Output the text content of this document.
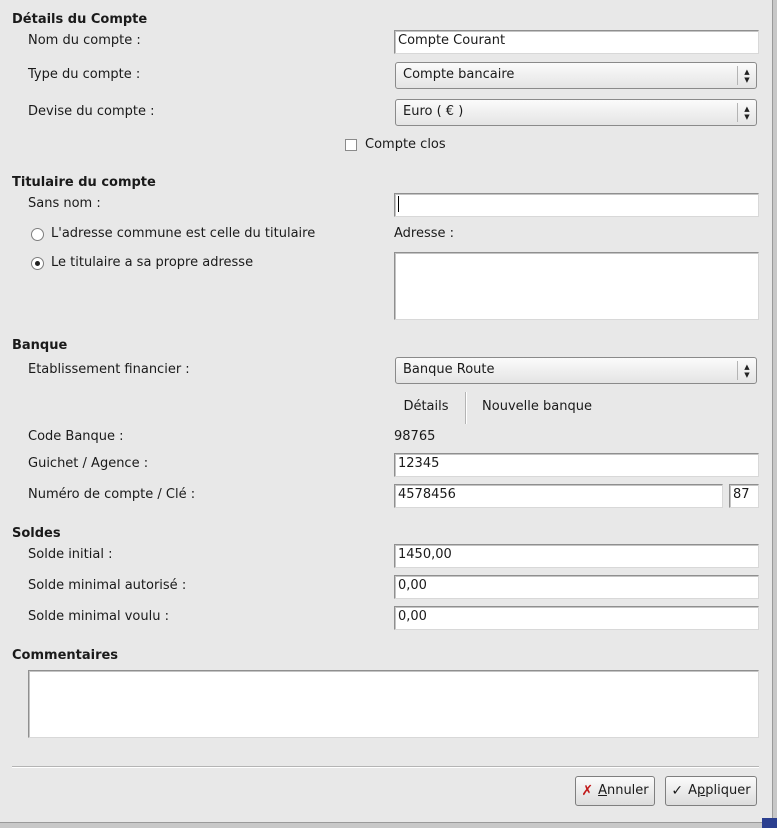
Détails du Compte
Nom du compte :	Compte Courant
Type du compte :	Compte bancaire	▲
▼
Devise du compte :	Euro ( € )	▲
▼
Compte clos
Titulaire du compte
Sans nom :
L'adresse commune est celle du titulaire
Le titulaire a sa propre adresse
Adresse :
Banque
Etablissement financier :	Banque Route	▲
▼
Détails	Nouvelle banque
Code Banque :	98765
Guichet / Agence :	12345
Numéro de compte / Clé :	4578456	87
Soldes
Solde initial :	1450,00
Solde minimal autorisé :	0,00
Solde minimal voulu :	0,00
Commentaires
✗ Annuler ✓ Appliquer
